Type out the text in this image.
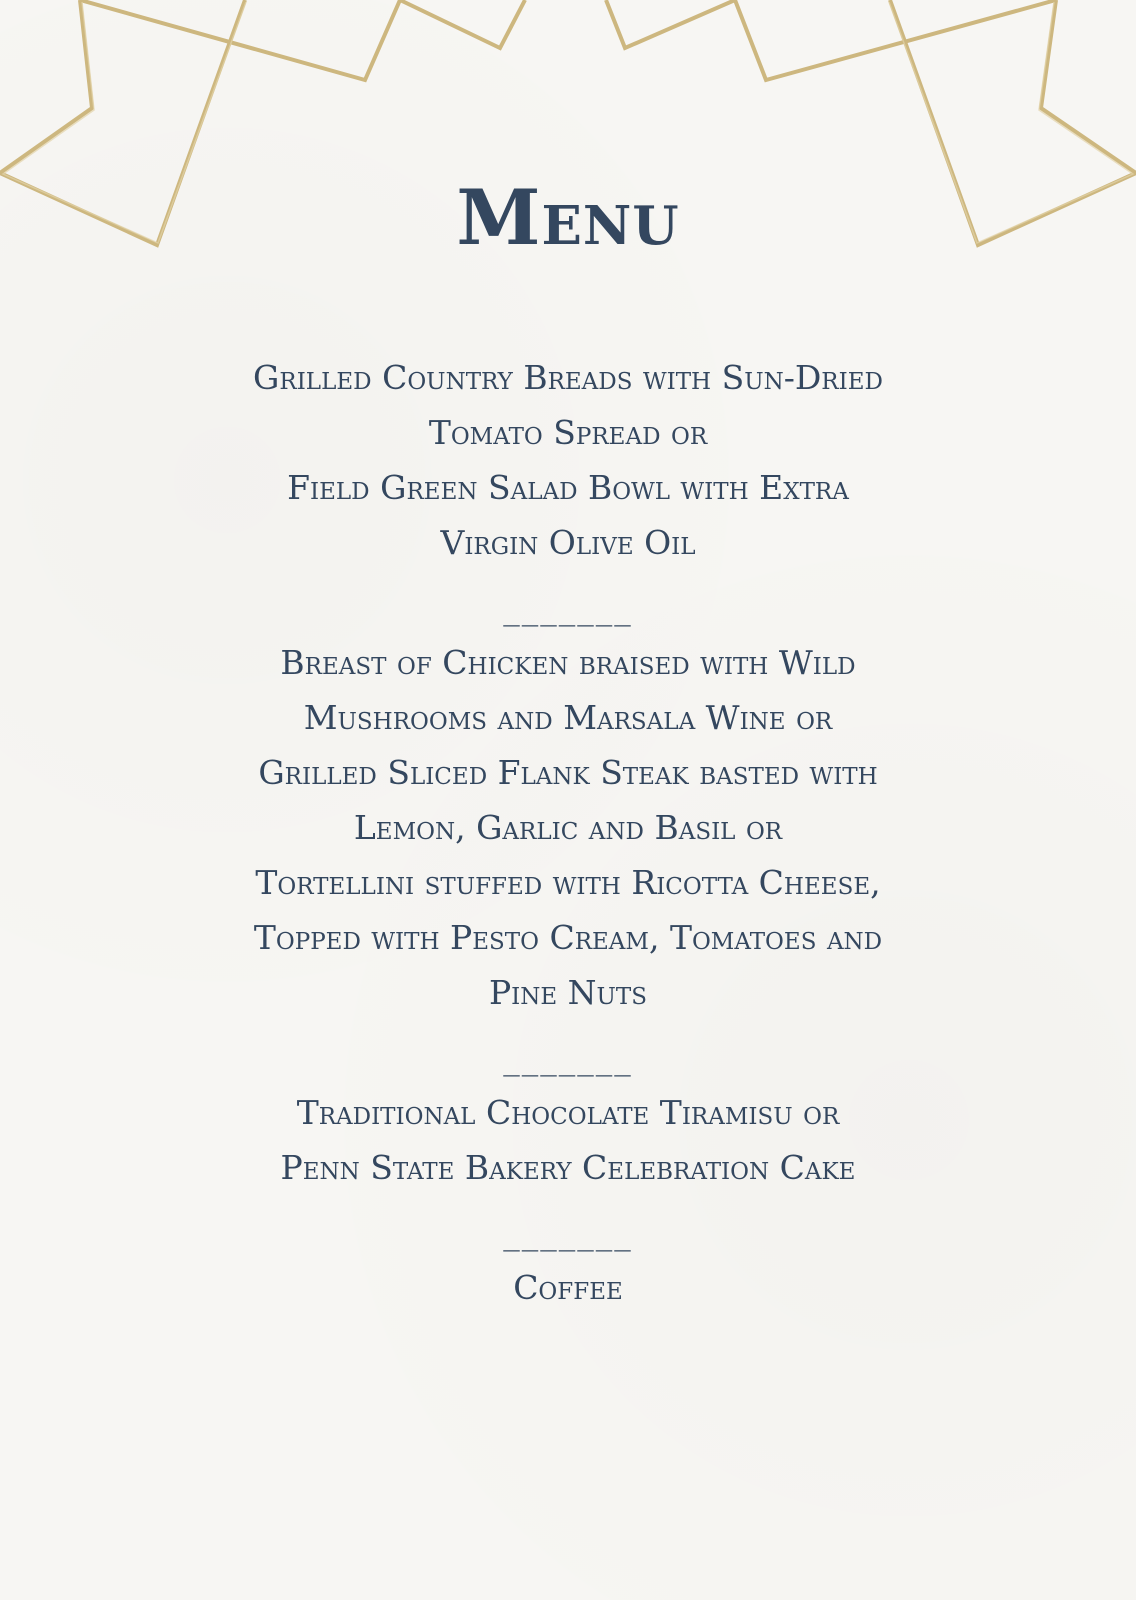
Menu
Grilled Country Breads with Sun-Dried
Tomato Spread or
Field Green Salad Bowl with Extra
Virgin Olive Oil
_______
Breast of Chicken braised with Wild
Mushrooms and Marsala Wine or
Grilled Sliced Flank Steak basted with
Lemon, Garlic and Basil or
Tortellini stuffed with Ricotta Cheese,
Topped with Pesto Cream, Tomatoes and
Pine Nuts
_______
Traditional Chocolate Tiramisu or
Penn State Bakery Celebration Cake
_______
Coffee
